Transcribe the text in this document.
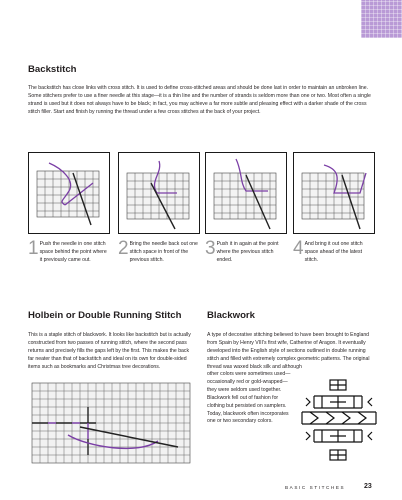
Backstitch

The backstitch has close links with cross stitch. It is used to define cross-stitched areas and should be done last in order to maintain an unbroken line. Some stitchers prefer to use a finer needle at this stage—it is a thin line and the number of strands is seldom more than one or two. Most often a single strand is used but it does not always have to be black; in fact, you may achieve a far more subtle and pleasing effect with a darker shade of the cross stitch filler. Start and finish by running the thread under a few cross stitches at the back of your project.

1 Push the needle in one stitch space behind the point where it previously came out.
2 Bring the needle back out one stitch space in front of the previous stitch.
3 Push it in again at the point where the previous stitch ended.
4 And bring it out one stitch space ahead of the latest stitch.
Holbein or Double Running Stitch

This is a staple stitch of blackwork. It looks like backstitch but is actually constructed from two passes of running stitch, where the second pass returns and precisely fills the gaps left by the first. This makes the back far neater than that of backstitch and ideal on its own for double-sided items such as bookmarks and Christmas tree decorations.

Blackwork

A type of decorative stitching believed to have been brought to England from Spain by Henry VIII's first wife, Catherine of Aragon. It eventually developed into the English style of sections outlined in double running stitch and filled with extremely complex geometric patterns. The original thread was waxed black silk and although

other colors were sometimes used—occasionally red or gold-wrapped—they were seldom used together. Blackwork fell out of fashion for clothing but persisted on samplers. Today, blackwork often incorporates one or two secondary colors.

BASIC STITCHES	23
